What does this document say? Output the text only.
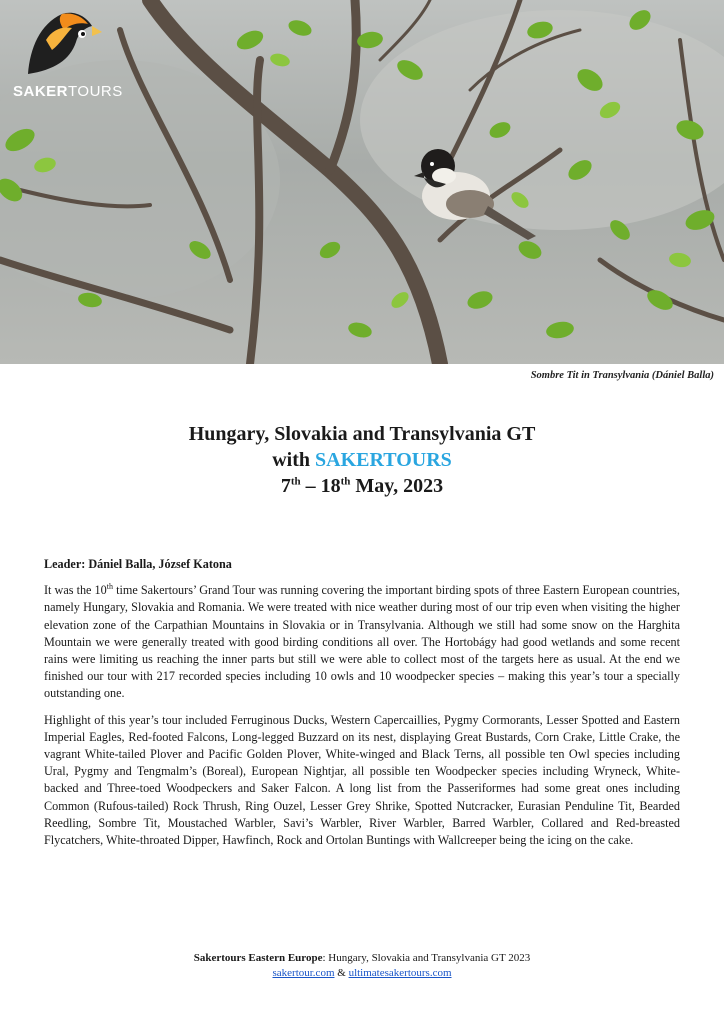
SAKERTOURS
Sombre Tit in Transylvania (Dániel Balla)
Hungary, Slovakia and Transylvania GT
with SAKERTOURS
7th – 18th May, 2023
Leader: Dániel Balla, József Katona

It was the 10th time Sakertours’ Grand Tour was running covering the important birding spots of three Eastern European countries, namely Hungary, Slovakia and Romania. We were treated with nice weather during most of our trip even when visiting the higher elevation zone of the Carpathian Mountains in Slovakia or in Transylvania. Although we still had some snow on the Harghita Mountain we were generally treated with good birding conditions all over. The Hortobágy had good wetlands and some recent rains were limiting us reaching the inner parts but still we were able to collect most of the targets here as usual. At the end we finished our tour with 217 recorded species including 10 owls and 10 woodpecker species – making this year’s tour a specially outstanding one.

Highlight of this year’s tour included Ferruginous Ducks, Western Capercaillies, Pygmy Cormorants, Lesser Spotted and Eastern Imperial Eagles, Red-footed Falcons, Long-legged Buzzard on its nest, displaying Great Bustards, Corn Crake, Little Crake, the vagrant White-tailed Plover and Pacific Golden Plover, White-winged and Black Terns, all possible ten Owl species including Ural, Pygmy and Tengmalm’s (Boreal), European Nightjar, all possible ten Woodpecker species including Wryneck, White-backed and Three-toed Woodpeckers and Saker Falcon. A long list from the Passeriformes had some great ones including Common (Rufous-tailed) Rock Thrush, Ring Ouzel, Lesser Grey Shrike, Spotted Nutcracker, Eurasian Penduline Tit, Bearded Reedling, Sombre Tit, Moustached Warbler, Savi’s Warbler, River Warbler, Barred Warbler, Collared and Red-breasted Flycatchers, White-throated Dipper, Hawfinch, Rock and Ortolan Buntings with Wallcreeper being the icing on the cake.

Sakertours Eastern Europe: Hungary, Slovakia and Transylvania GT 2023
sakertour.com & ultimatesakertours.com
